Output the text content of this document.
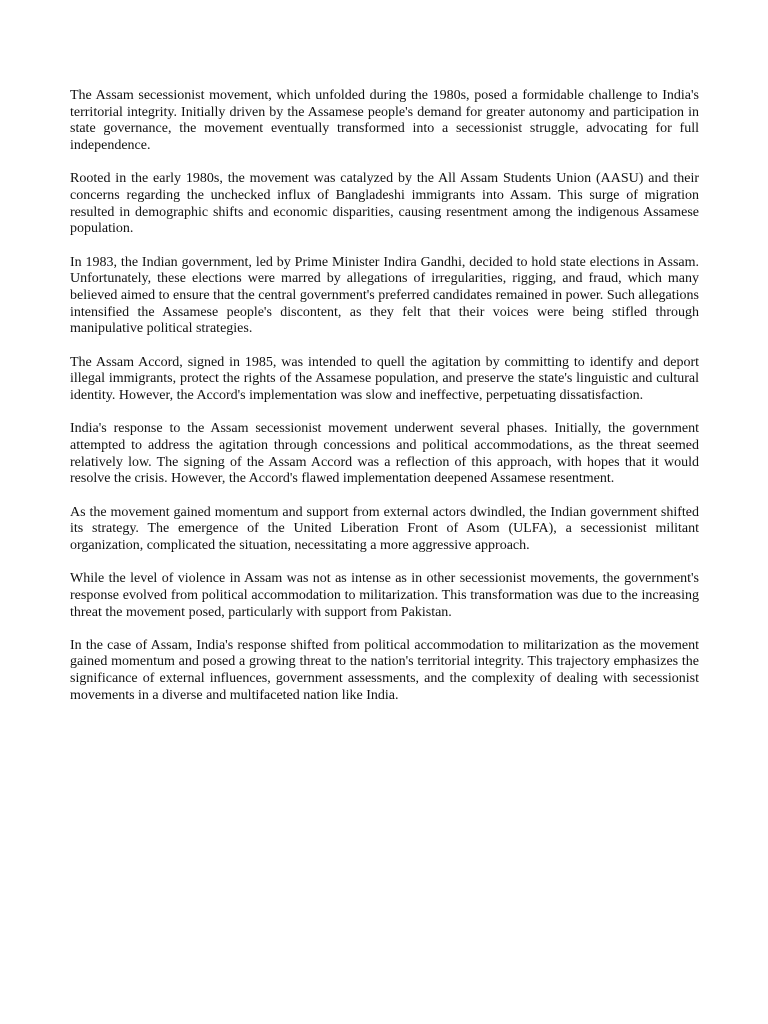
The Assam secessionist movement, which unfolded during the 1980s, posed a formidable challenge to India's territorial integrity. Initially driven by the Assamese people's demand for greater autonomy and participation in state governance, the movement eventually transformed into a secessionist struggle, advocating for full independence.

Rooted in the early 1980s, the movement was catalyzed by the All Assam Students Union (AASU) and their concerns regarding the unchecked influx of Bangladeshi immigrants into Assam. This surge of migration resulted in demographic shifts and economic disparities, causing resentment among the indigenous Assamese population.

In 1983, the Indian government, led by Prime Minister Indira Gandhi, decided to hold state elections in Assam. Unfortunately, these elections were marred by allegations of irregularities, rigging, and fraud, which many believed aimed to ensure that the central government's preferred candidates remained in power. Such allegations intensified the Assamese people's discontent, as they felt that their voices were being stifled through manipulative political strategies.

The Assam Accord, signed in 1985, was intended to quell the agitation by committing to identify and deport illegal immigrants, protect the rights of the Assamese population, and preserve the state's linguistic and cultural identity. However, the Accord's implementation was slow and ineffective, perpetuating dissatisfaction.

India's response to the Assam secessionist movement underwent several phases. Initially, the government attempted to address the agitation through concessions and political accommodations, as the threat seemed relatively low. The signing of the Assam Accord was a reflection of this approach, with hopes that it would resolve the crisis. However, the Accord's flawed implementation deepened Assamese resentment.

As the movement gained momentum and support from external actors dwindled, the Indian government shifted its strategy. The emergence of the United Liberation Front of Asom (ULFA), a secessionist militant organization, complicated the situation, necessitating a more aggressive approach.

While the level of violence in Assam was not as intense as in other secessionist movements, the government's response evolved from political accommodation to militarization. This transformation was due to the increasing threat the movement posed, particularly with support from Pakistan.

In the case of Assam, India's response shifted from political accommodation to militarization as the movement gained momentum and posed a growing threat to the nation's territorial integrity. This trajectory emphasizes the significance of external influences, government assessments, and the complexity of dealing with secessionist movements in a diverse and multifaceted nation like India.
